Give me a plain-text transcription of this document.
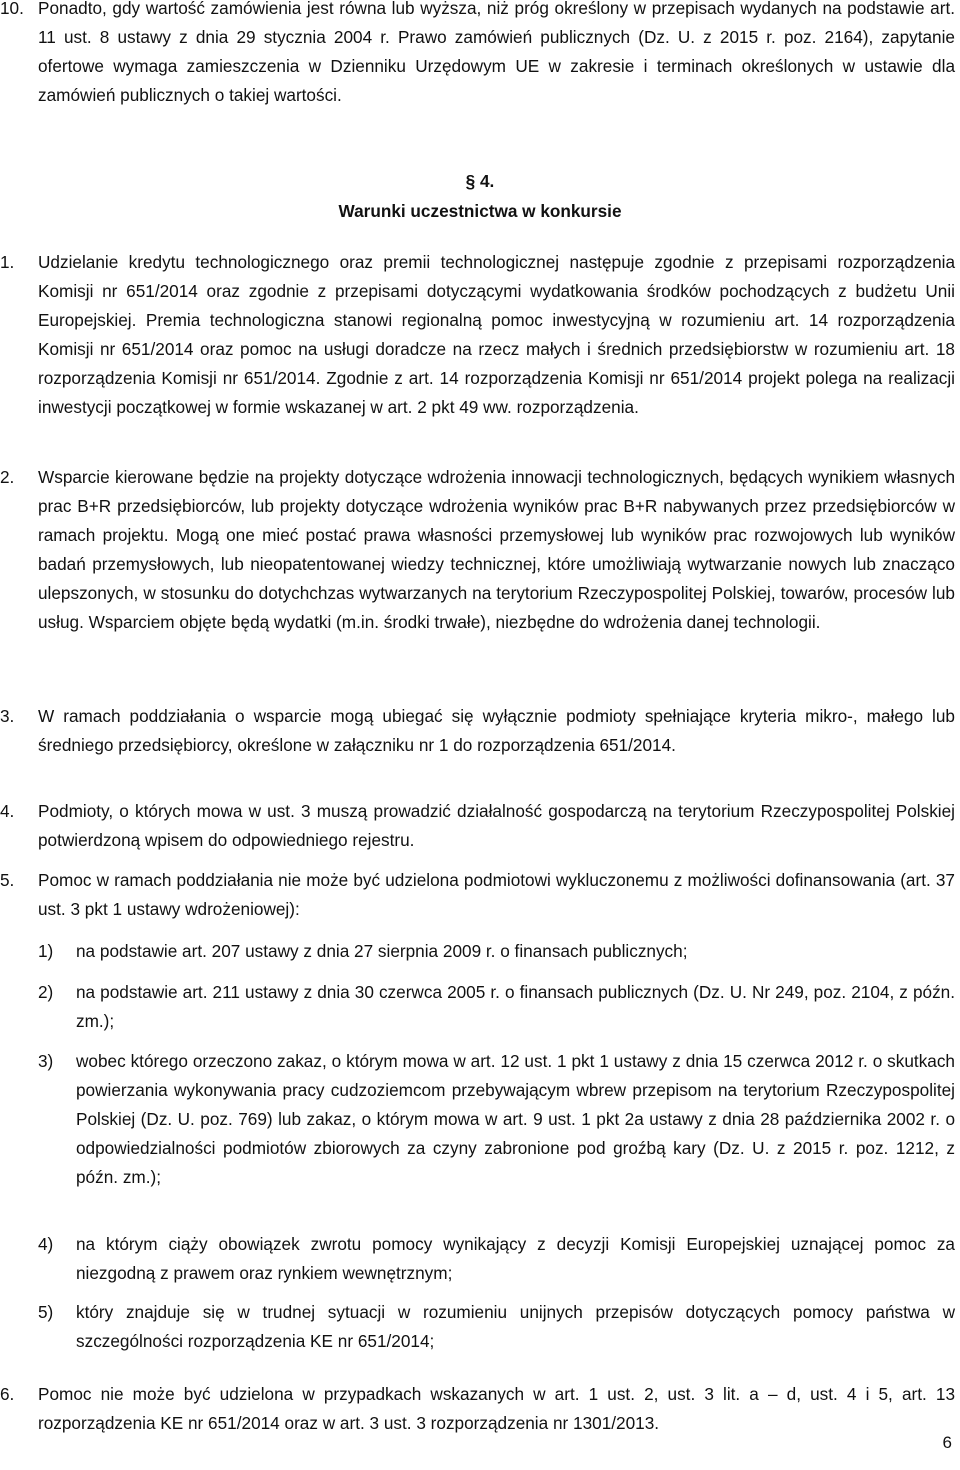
10. Ponadto, gdy wartość zamówienia jest równa lub wyższa, niż próg określony w przepisach wydanych na podstawie art. 11 ust. 8 ustawy z dnia 29 stycznia 2004 r. Prawo zamówień publicznych (Dz. U. z 2015 r. poz. 2164), zapytanie ofertowe wymaga zamieszczenia w Dzienniku Urzędowym UE w zakresie i terminach określonych w ustawie dla zamówień publicznych o takiej wartości.

§ 4.
Warunki uczestnictwa w konkursie
1. Udzielanie kredytu technologicznego oraz premii technologicznej następuje zgodnie z przepisami rozporządzenia Komisji nr 651/2014 oraz zgodnie z przepisami dotyczącymi wydatkowania środków pochodzących z budżetu Unii Europejskiej. Premia technologiczna stanowi regionalną pomoc inwestycyjną w rozumieniu art. 14 rozporządzenia Komisji nr 651/2014 oraz pomoc na usługi doradcze na rzecz małych i średnich przedsiębiorstw w rozumieniu art. 18 rozporządzenia Komisji nr 651/2014. Zgodnie z art. 14 rozporządzenia Komisji nr 651/2014 projekt polega na realizacji inwestycji początkowej w formie wskazanej w art. 2 pkt 49 ww. rozporządzenia.

2. Wsparcie kierowane będzie na projekty dotyczące wdrożenia innowacji technologicznych, będących wynikiem własnych prac B+R przedsiębiorców, lub projekty dotyczące wdrożenia wyników prac B+R nabywanych przez przedsiębiorców w ramach projektu. Mogą one mieć postać prawa własności przemysłowej lub wyników prac rozwojowych lub wyników badań przemysłowych, lub nieopatentowanej wiedzy technicznej, które umożliwiają wytwarzanie nowych lub znacząco ulepszonych, w stosunku do dotychchzas wytwarzanych na terytorium Rzeczypospolitej Polskiej, towarów, procesów lub usług. Wsparciem objęte będą wydatki (m.in. środki trwałe), niezbędne do wdrożenia danej technologii.

3. W ramach poddziałania o wsparcie mogą ubiegać się wyłącznie podmioty spełniające kryteria mikro-, małego lub średniego przedsiębiorcy, określone w załączniku nr 1 do rozporządzenia 651/2014.

4. Podmioty, o których mowa w ust. 3 muszą prowadzić działalność gospodarczą na terytorium Rzeczypospolitej Polskiej potwierdzoną wpisem do odpowiedniego rejestru.

5. Pomoc w ramach poddziałania nie może być udzielona podmiotowi wykluczonemu z możliwości dofinansowania (art. 37 ust. 3 pkt 1 ustawy wdrożeniowej):

1) na podstawie art. 207 ustawy z dnia 27 sierpnia 2009 r. o finansach publicznych;

2) na podstawie art. 211 ustawy z dnia 30 czerwca 2005 r. o finansach publicznych (Dz. U. Nr 249, poz. 2104, z późn. zm.);

3) wobec którego orzeczono zakaz, o którym mowa w art. 12 ust. 1 pkt 1 ustawy z dnia 15 czerwca 2012 r. o skutkach powierzania wykonywania pracy cudzoziemcom przebywającym wbrew przepisom na terytorium Rzeczypospolitej Polskiej (Dz. U. poz. 769) lub zakaz, o którym mowa w art. 9 ust. 1 pkt 2a ustawy z dnia 28 października 2002 r. o odpowiedzialności podmiotów zbiorowych za czyny zabronione pod groźbą kary (Dz. U. z 2015 r. poz. 1212, z późn. zm.);

4) na którym ciąży obowiązek zwrotu pomocy wynikający z decyzji Komisji Europejskiej uznającej pomoc za niezgodną z prawem oraz rynkiem wewnętrznym;

5) który znajduje się w trudnej sytuacji w rozumieniu unijnych przepisów dotyczących pomocy państwa w szczególności rozporządzenia KE nr 651/2014;

6. Pomoc nie może być udzielona w przypadkach wskazanych w art. 1 ust. 2, ust. 3 lit. a – d, ust. 4 i 5, art. 13 rozporządzenia KE nr 651/2014 oraz w art. 3 ust. 3 rozporządzenia nr 1301/2013.

6
